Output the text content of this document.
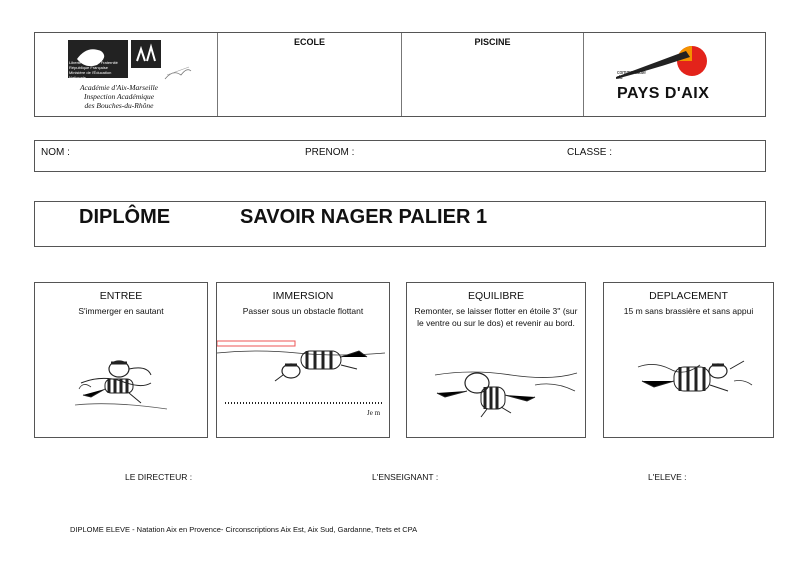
Liberté • Égalité • Fraternité
République Française
Ministère de l'Éducation Nationale
Académie d'Aix-Marseille
Inspection Académique
des Bouches-du-Rhône
ECOLE	PISCINE
communauté du
PAYS D'AIX
NOM :	PRENOM :	CLASSE :
DIPLÔME	SAVOIR NAGER PALIER 1
ENTREE
S'immerger en sautant
IMMERSION
Passer sous un obstacle flottant
Je m
EQUILIBRE
Remonter, se laisser flotter en étoile 3'' (sur le ventre ou sur le dos) et revenir au bord.
DEPLACEMENT
15 m sans brassière et sans appui
LE DIRECTEUR :	L'ENSEIGNANT :	L'ELEVE :
DIPLOME ELEVE - Natation Aix en Provence- Circonscriptions Aix Est, Aix Sud, Gardanne, Trets et CPA
